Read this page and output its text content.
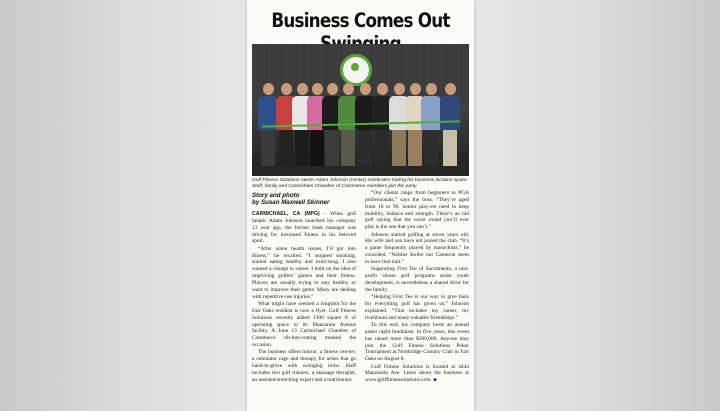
Business Comes Out
Golf Fitness Solutions owner Adam Johnson (center) celebrates tripling his business location space. Staff, family and Carmichael Chamber of Commerce members join the party.
Story and photo
by Susan Maxwell Skinner

CARMICHAEL, CA (MPG) - When golf fanatic Adam Johnson launched his company 13 year ago, the former bank manager was driving for increased fitness in his beloved sport.

“After some health issues, I’d got into fitness,” he recalled. “I stopped smoking, started eating healthy and exercising. I also wanted a change in career. I built on the idea of improving golfers’ games and their fitness. Players are usually trying to stay healthy or want to improve their game. Many are dealing with repetitive-use injuries.”

What might have seemed a longshot for the Fair Oaks resident is now a flyer. Golf Fitness Solutions recently added 1300 square ft of operating space to its Manzanita Avenue facility. A June 13 Carmichael Chamber of Commerce rib-bon-cutting marked the occasion.

The business offers tuition; a fitness cen-ter; a simulator cage and therapy for aches that go hand-in-glove with swinging irons. Staff includes two golf trainers, a massage therapist, an assisted-stretching expert and a nutritionist.

“Our clients range from beginners to PGA professionals,” says the boss. “They’re aged from 18 to 90. Senior play-ers need to keep mobility, balance and strength. There’s an old golf saying that the worst round you’ll ever play is the one that you can’t.”

Johnson started golfing at seven years old. His wife and son have not joined the club. “It’s a game frequently played by masochists,” he conceded. “Neither Keller nor Cameron seem to have that trait.”

Supporting First Tee of Sacramento, a non-profit whose golf programs assist youth development, is nevertheless a shared drive for the family.

“Helping First Tee is our way to give back for everything golf has given us,” Johnson explained. “That includes my career, my livelihood and many valuable friendships.”

To this end, his company hosts an annual poker night fundraiser. In five years, this event has raised more than $200,000. Anyone may join the Golf Fitness Solutions Poker Tournament at Northridge Country Club in Fair Oaks on August 8.

Golf Fitness Solutions is located at 4444 Manzanita Ave. Learn about the business at www.golffitnesssolutions.com. ◆
